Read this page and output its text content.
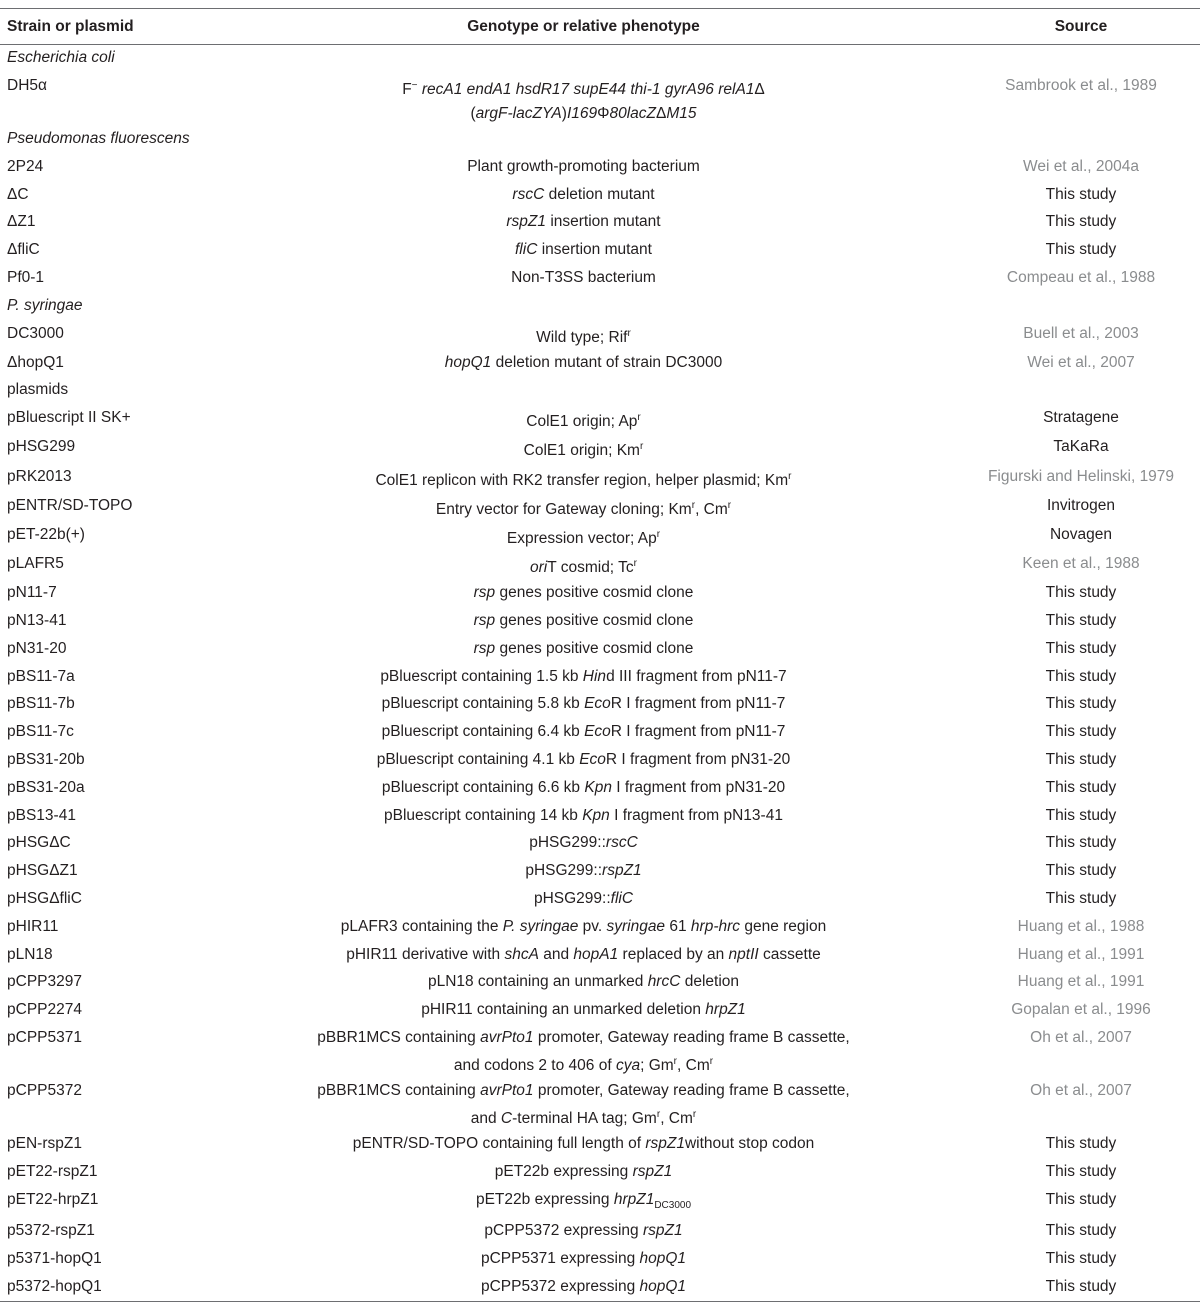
Strain or plasmid	Genotype or relative phenotype	Source
Escherichia coli		
DH5α	F− recA1 endA1 hsdR17 supE44 thi-1 gyrA96 relA1Δ
(argF-lacZYA)I169Φ80lacZΔM15	Sambrook et al., 1989
Pseudomonas fluorescens		
2P24	Plant growth-promoting bacterium	Wei et al., 2004a
ΔC	rscC deletion mutant	This study
ΔZ1	rspZ1 insertion mutant	This study
ΔfliC	fliC insertion mutant	This study
Pf0-1	Non-T3SS bacterium	Compeau et al., 1988
P. syringae		
DC3000	Wild type; Rif$^r$	Buell et al., 2003
ΔhopQ1	hopQ1 deletion mutant of strain DC3000	Wei et al., 2007
plasmids		
pBluescript II SK+	ColE1 origin; Ap$^r$	Stratagene
pHSG299	ColE1 origin; Km$^r$	TaKaRa
pRK2013	ColE1 replicon with RK2 transfer region, helper plasmid; Km$^r$	Figurski and Helinski, 1979
pENTR/SD-TOPO	Entry vector for Gateway cloning; Km$^r$, Cm$^r$	Invitrogen
pET-22b(+)	Expression vector; Ap$^r$	Novagen
pLAFR5	oriT cosmid; Tc$^r$	Keen et al., 1988
pN11-7	rsp genes positive cosmid clone	This study
pN13-41	rsp genes positive cosmid clone	This study
pN31-20	rsp genes positive cosmid clone	This study
pBS11-7a	pBluescript containing 1.5 kb Hind III fragment from pN11-7	This study
pBS11-7b	pBluescript containing 5.8 kb EcoR I fragment from pN11-7	This study
pBS11-7c	pBluescript containing 6.4 kb EcoR I fragment from pN11-7	This study
pBS31-20b	pBluescript containing 4.1 kb EcoR I fragment from pN31-20	This study
pBS31-20a	pBluescript containing 6.6 kb Kpn I fragment from pN31-20	This study
pBS13-41	pBluescript containing 14 kb Kpn I fragment from pN13-41	This study
pHSGΔC	pHSG299::rscC	This study
pHSGΔZ1	pHSG299::rspZ1	This study
pHSGΔfliC	pHSG299::fliC	This study
pHIR11	pLAFR3 containing the P. syringae pv. syringae 61 hrp-hrc gene region	Huang et al., 1988
pLN18	pHIR11 derivative with shcA and hopA1 replaced by an nptII cassette	Huang et al., 1991
pCPP3297	pLN18 containing an unmarked hrcC deletion	Huang et al., 1991
pCPP2274	pHIR11 containing an unmarked deletion hrpZ1	Gopalan et al., 1996
pCPP5371	pBBR1MCS containing avrPto1 promoter, Gateway reading frame B cassette,
and codons 2 to 406 of cya; Gm$^r$, Cm$^r$	Oh et al., 2007
pCPP5372	pBBR1MCS containing avrPto1 promoter, Gateway reading frame B cassette,
and C-terminal HA tag; Gm$^r$, Cm$^r$	Oh et al., 2007
pEN-rspZ1	pENTR/SD-TOPO containing full length of rspZ1without stop codon	This study
pET22-rspZ1	pET22b expressing rspZ1	This study
pET22-hrpZ1	pET22b expressing $hrpZ1_{DC3000}$	This study
p5372-rspZ1	pCPP5372 expressing rspZ1	This study
p5371-hopQ1	pCPP5371 expressing hopQ1	This study
p5372-hopQ1	pCPP5372 expressing hopQ1	This study
